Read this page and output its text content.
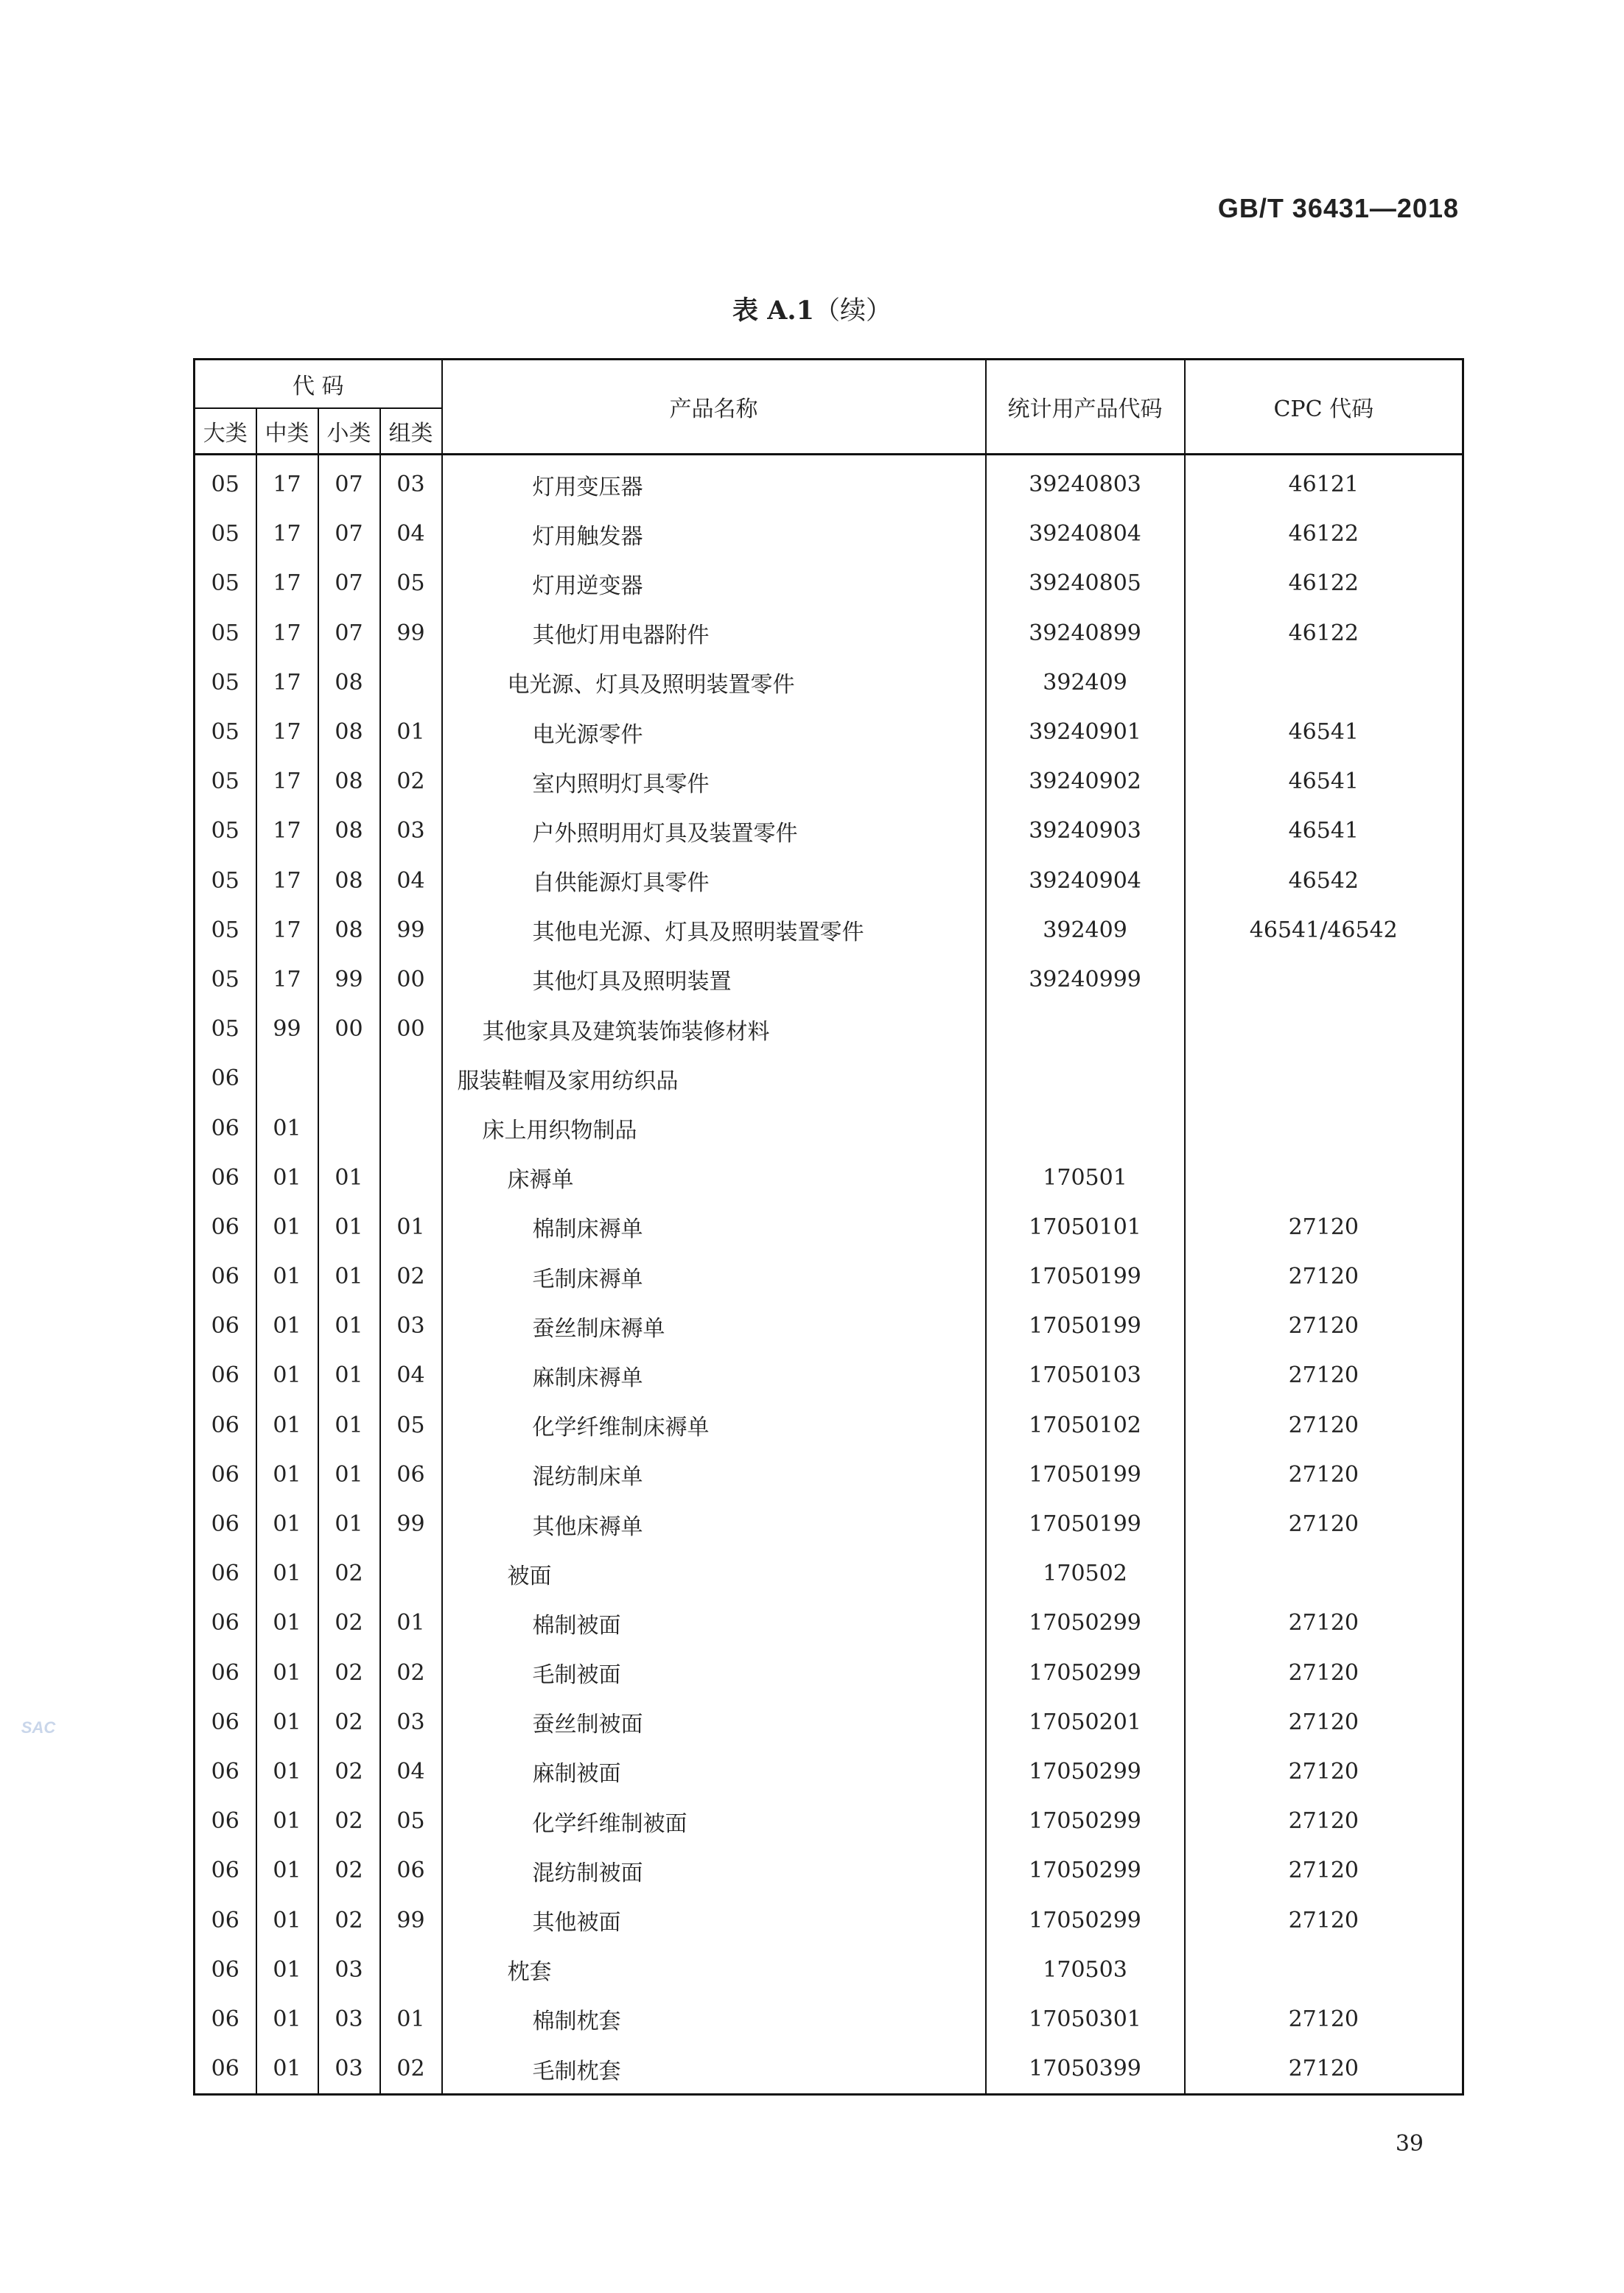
GB/T 36431—2018
表 A.1（续）
代 码				产品名称	统计用产品代码	CPC 代码
大类	中类	小类	组类			
05	17	07	03	灯用变压器	39240803	46121
05	17	07	04	灯用触发器	39240804	46122
05	17	07	05	灯用逆变器	39240805	46122
05	17	07	99	其他灯用电器附件	39240899	46122
05	17	08		电光源、灯具及照明装置零件	392409	
05	17	08	01	电光源零件	39240901	46541
05	17	08	02	室内照明灯具零件	39240902	46541
05	17	08	03	户外照明用灯具及装置零件	39240903	46541
05	17	08	04	自供能源灯具零件	39240904	46542
05	17	08	99	其他电光源、灯具及照明装置零件	392409	46541/46542
05	17	99	00	其他灯具及照明装置	39240999	
05	99	00	00	其他家具及建筑装饰装修材料		
06				服装鞋帽及家用纺织品		
06	01			床上用织物制品		
06	01	01		床褥单	170501	
06	01	01	01	棉制床褥单	17050101	27120
06	01	01	02	毛制床褥单	17050199	27120
06	01	01	03	蚕丝制床褥单	17050199	27120
06	01	01	04	麻制床褥单	17050103	27120
06	01	01	05	化学纤维制床褥单	17050102	27120
06	01	01	06	混纺制床单	17050199	27120
06	01	01	99	其他床褥单	17050199	27120
06	01	02		被面	170502	
06	01	02	01	棉制被面	17050299	27120
06	01	02	02	毛制被面	17050299	27120
06	01	02	03	蚕丝制被面	17050201	27120
06	01	02	04	麻制被面	17050299	27120
06	01	02	05	化学纤维制被面	17050299	27120
06	01	02	06	混纺制被面	17050299	27120
06	01	02	99	其他被面	17050299	27120
06	01	03		枕套	170503	
06	01	03	01	棉制枕套	17050301	27120
06	01	03	02	毛制枕套	17050399	27120
39
SAC
